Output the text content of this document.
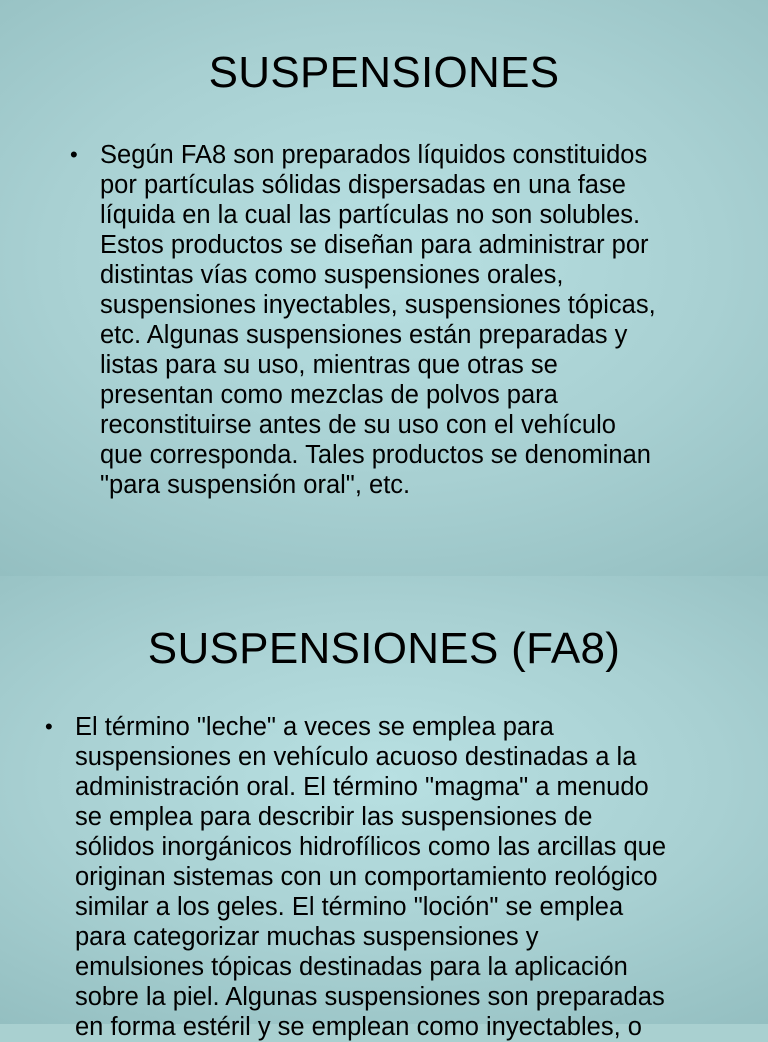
SUSPENSIONES
• Según FA8 son preparados líquidos constituidos
por partículas sólidas dispersadas en una fase
líquida en la cual las partículas no son solubles.
Estos productos se diseñan para administrar por
distintas vías como suspensiones orales,
suspensiones inyectables, suspensiones tópicas,
etc. Algunas suspensiones están preparadas y
listas para su uso, mientras que otras se
presentan como mezclas de polvos para
reconstituirse antes de su uso con el vehículo
que corresponda. Tales productos se denominan
"para suspensión oral", etc.
SUSPENSIONES (FA8)
• El término "leche" a veces se emplea para
suspensiones en vehículo acuoso destinadas a la
administración oral. El término "magma" a menudo
se emplea para describir las suspensiones de
sólidos inorgánicos hidrofílicos como las arcillas que
originan sistemas con un comportamiento reológico
similar a los geles. El término "loción" se emplea
para categorizar muchas suspensiones y
emulsiones tópicas destinadas para la aplicación
sobre la piel. Algunas suspensiones son preparadas
en forma estéril y se emplean como inyectables, o
